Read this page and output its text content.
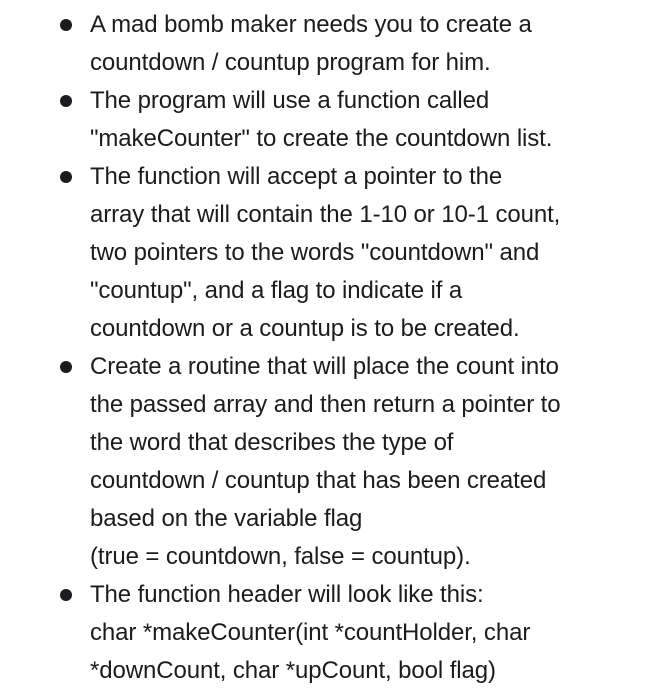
A mad bomb maker needs you to create a
countdown / countup program for him.
The program will use a function called
"makeCounter" to create the countdown list.
The function will accept a pointer to the
array that will contain the 1-10 or 10-1 count,
two pointers to the words "countdown" and
"countup", and a flag to indicate if a
countdown or a countup is to be created.
Create a routine that will place the count into
the passed array and then return a pointer to
the word that describes the type of
countdown / countup that has been created
based on the variable flag
(true = countdown, false = countup).
The function header will look like this:
char *makeCounter(int *countHolder, char
*downCount, char *upCount, bool flag)
